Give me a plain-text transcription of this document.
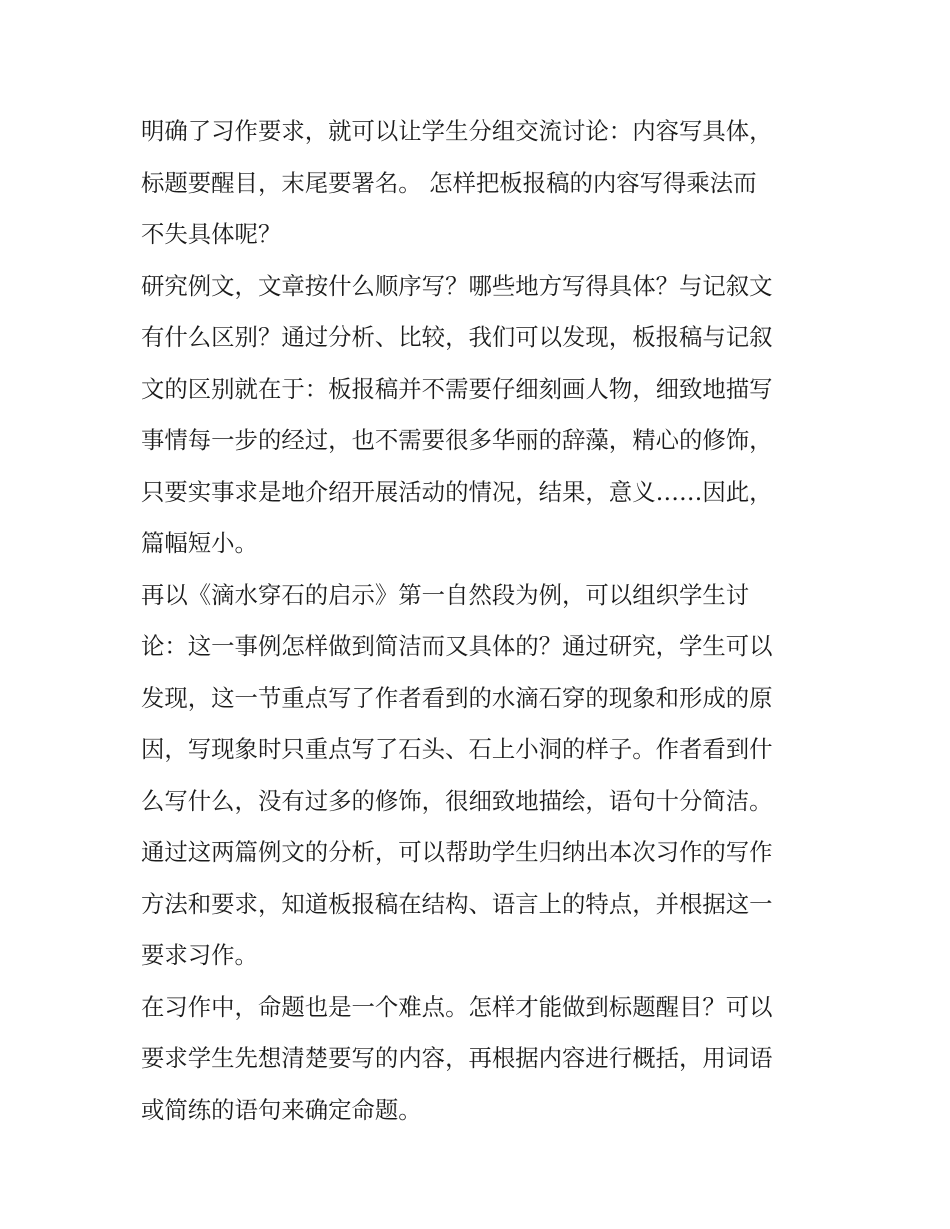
明确了习作要求，就可以让学生分组交流讨论：内容写具体，
标题要醒目，末尾要署名。 怎样把板报稿的内容写得乘法而
不失具体呢？
研究例文，文章按什么顺序写？哪些地方写得具体？与记叙文
有什么区别？通过分析、比较，我们可以发现，板报稿与记叙
文的区别就在于：板报稿并不需要仔细刻画人物，细致地描写
事情每一步的经过，也不需要很多华丽的辞藻，精心的修饰，
只要实事求是地介绍开展活动的情况，结果，意义……因此，
篇幅短小。
再以《滴水穿石的启示》第一自然段为例，可以组织学生讨
论：这一事例怎样做到简洁而又具体的？通过研究，学生可以
发现，这一节重点写了作者看到的水滴石穿的现象和形成的原
因，写现象时只重点写了石头、石上小洞的样子。作者看到什
么写什么，没有过多的修饰，很细致地描绘，语句十分简洁。
通过这两篇例文的分析，可以帮助学生归纳出本次习作的写作
方法和要求，知道板报稿在结构、语言上的特点，并根据这一
要求习作。
在习作中，命题也是一个难点。怎样才能做到标题醒目？可以
要求学生先想清楚要写的内容，再根据内容进行概括，用词语
或简练的语句来确定命题。
